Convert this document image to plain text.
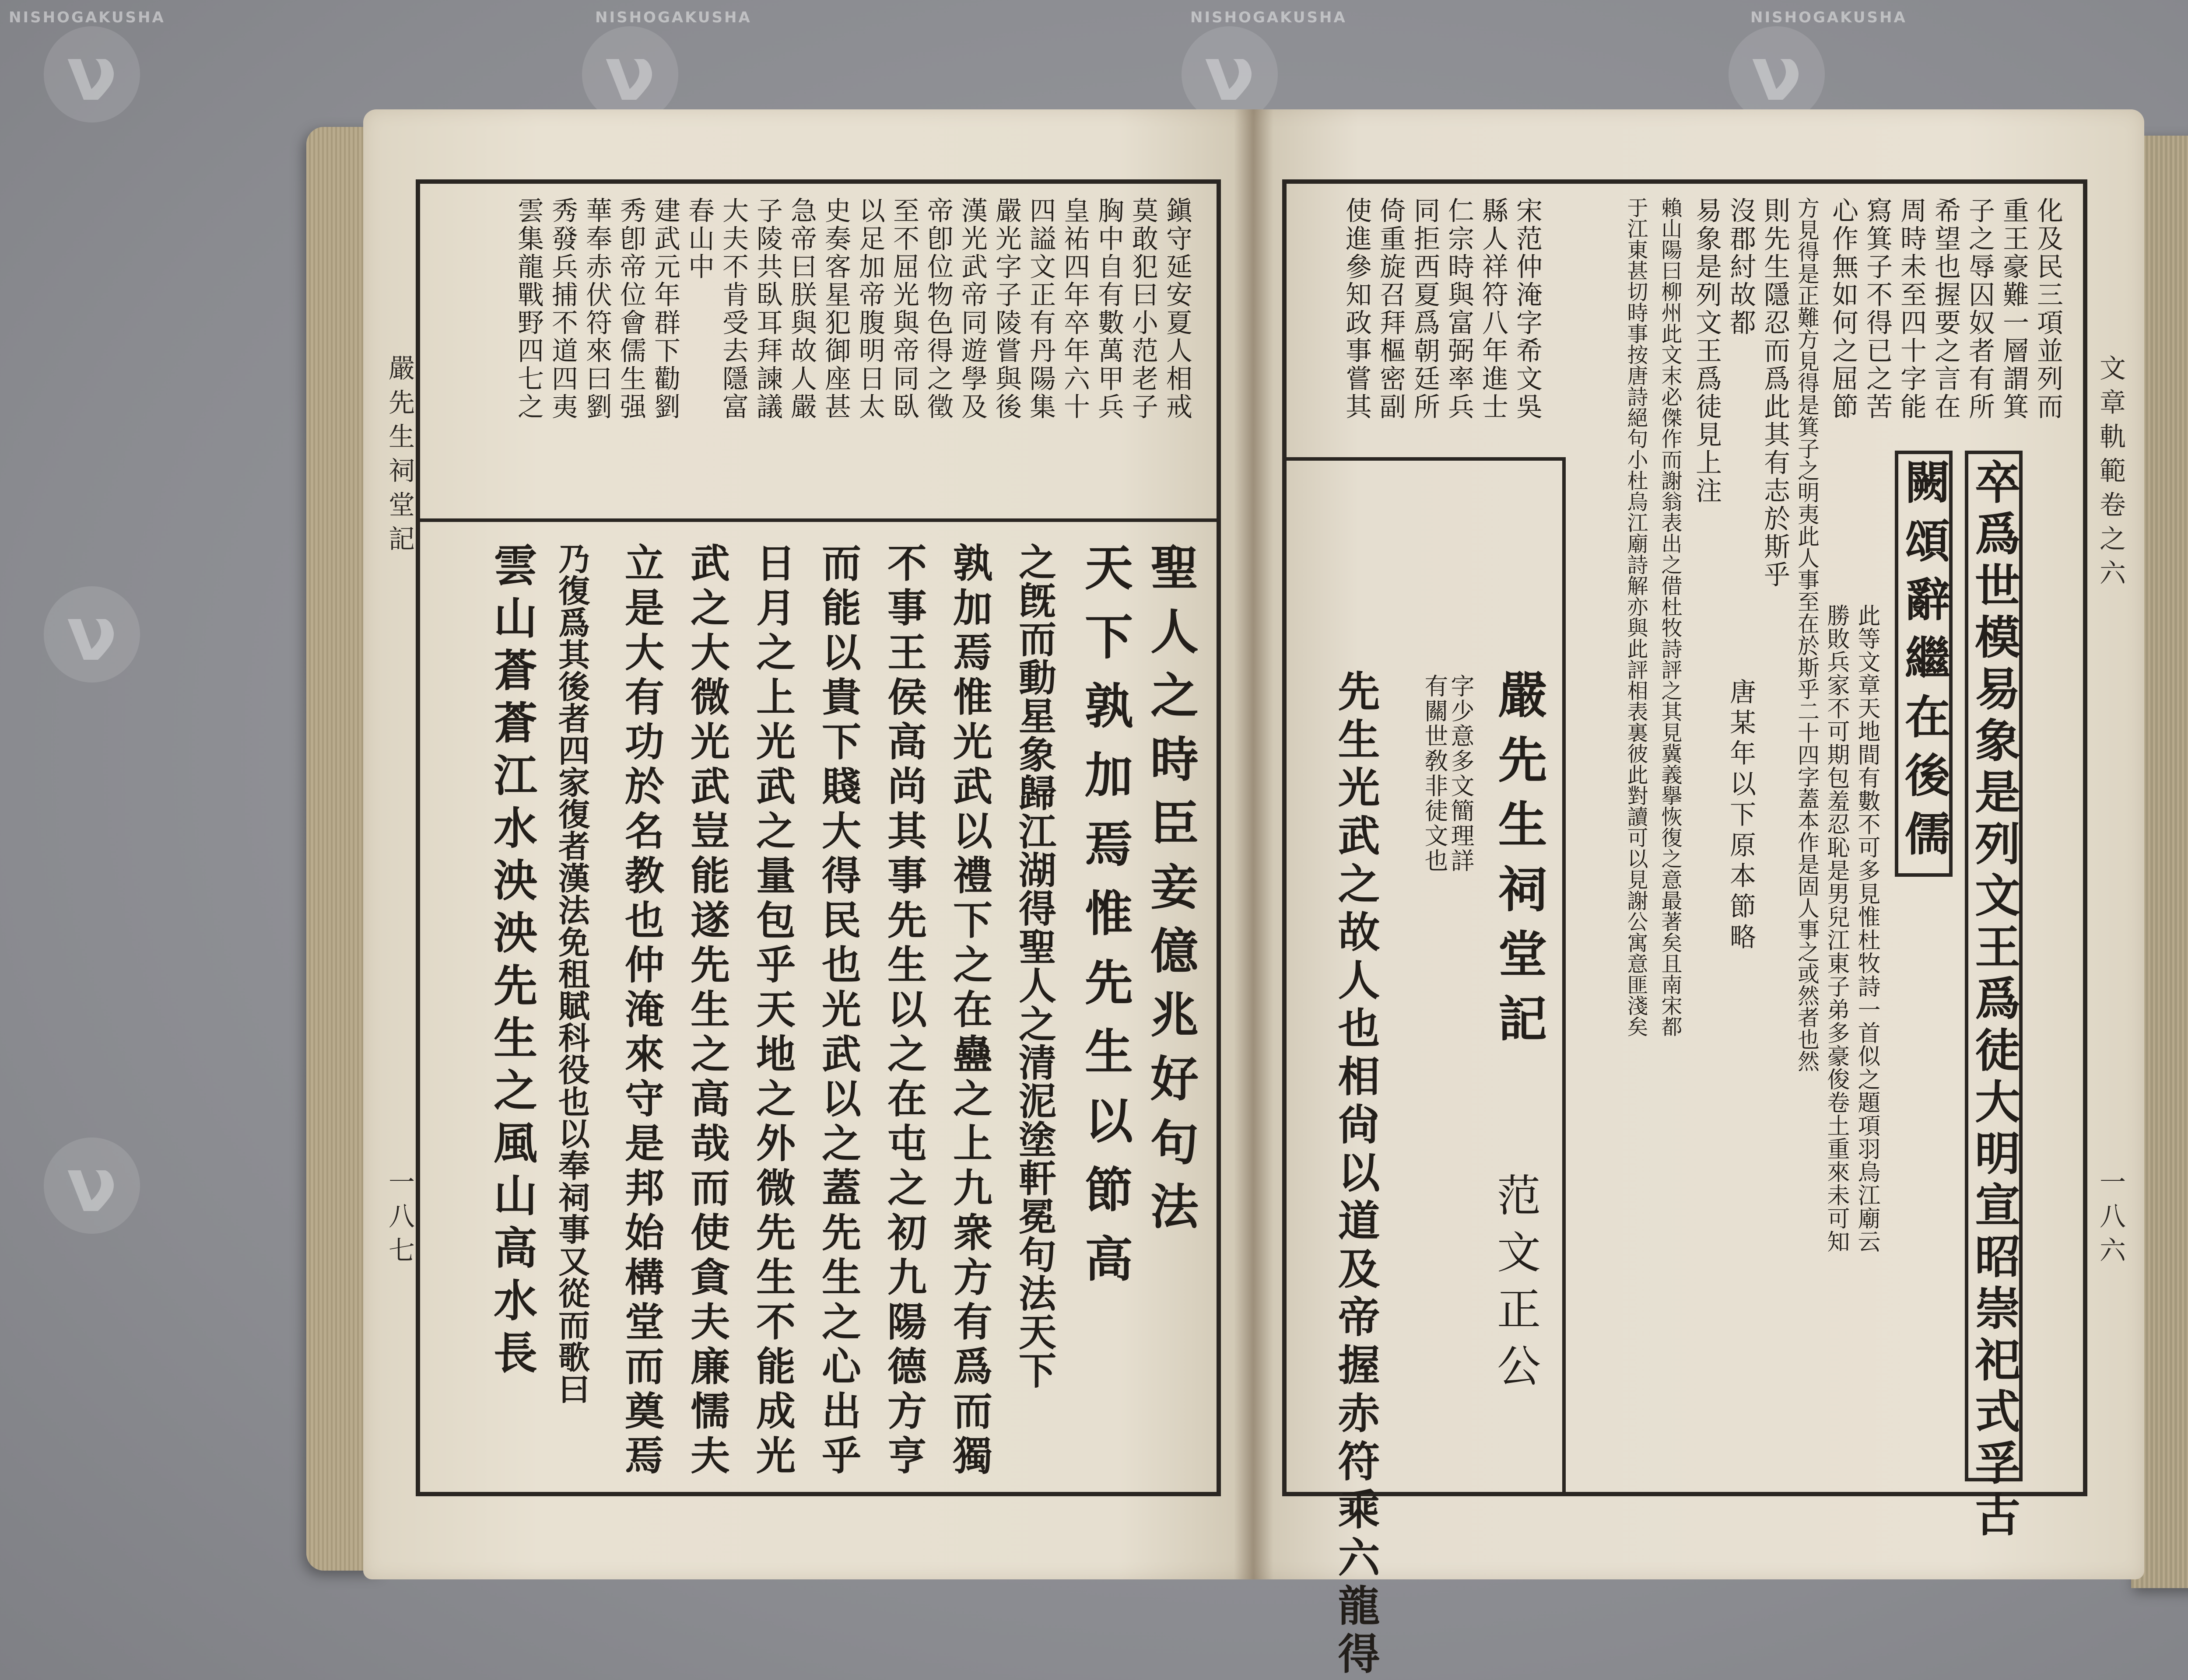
ν
ν
ν
ν
ν
ν
NISHOGAKUSHA	NISHOGAKUSHA	NISHOGAKUSHA	NISHOGAKUSHA
嚴先生祠堂記
一八七
鎭守延安夏人相戒
莫敢犯曰小范老子
胸中自有數萬甲兵
皇祐四年卒年六十
四謚文正有丹陽集
嚴光字子陵嘗與後
漢光武帝同遊學及
帝卽位物色得之徵
至不屈光與帝同臥
以足加帝腹明日太
史奏客星犯御座甚
急帝曰朕與故人嚴
子陵共臥耳拜諫議
大夫不肯受去隱富
春山中
建武元年群下勸劉
秀卽帝位會儒生强
華奉赤伏符來曰劉
秀發兵捕不道四夷
雲集龍戰野四七之
聖人之時臣妾億兆好句法
天下孰加焉惟先生以節高
之旣而動星象歸江湖得聖人之清泥塗軒冕句法天下
孰加焉惟光武以禮下之在蠱之上九衆方有爲而獨
不事王侯高尚其事先生以之在屯之初九陽德方亨
而能以貴下賤大得民也光武以之蓋先生之心出乎
日月之上光武之量包乎天地之外微先生不能成光
武之大微光武豈能遂先生之高哉而使貪夫廉懦夫
立是大有功於名教也仲淹來守是邦始構堂而奠焉
乃復爲其後者四家復者漢法免租賦科役也以奉祠事又從而歌曰
雲山蒼蒼江水泱泱先生之風山高水長
文章軌範卷之六
一八六
化及民三項並列而
重王豪難一層謂箕
子之辱囚奴者有所
希望也握要之言在
周時未至四十字能
寫箕子不得已之苦
心作無如何之屈節
方見得是正難方見得是箕子之明夷此人事至在於斯乎二十四字蓋本作是固人事之或然者也然
則先生隱忍而爲此其有志於斯乎
沒郡紂故都
易象是列文王爲徒見上注
賴山陽曰柳州此文末必傑作而謝翁表出之借杜牧詩評之其見冀義擧恢復之意最著矣且南宋都
于江東甚切時事按唐詩絕句小杜烏江廟詩解亦與此評相表裏彼此對讀可以見謝公寓意匪淺矣
宋范仲淹字希文吳
縣人祥符八年進士
仁宗時與富弼率兵
同拒西夏爲朝廷所
倚重旋召拜樞密副
使進參知政事嘗其
唐某年以下原本節略	卒爲世模易象是列文王爲徒大明宣昭崇祀式孚古
闕頌辭繼在後儒
此等文章天地間有數不可多見惟杜牧詩一首似之題項羽烏江廟云
勝敗兵家不可期包羞忍恥是男兒江東子弟多豪俊卷土重來未可知
嚴先生祠堂記
字少意多文簡理詳
有關世敎非徒文也
范文正公
先生光武之故人也相尙以道及帝握赤符乘六龍得
